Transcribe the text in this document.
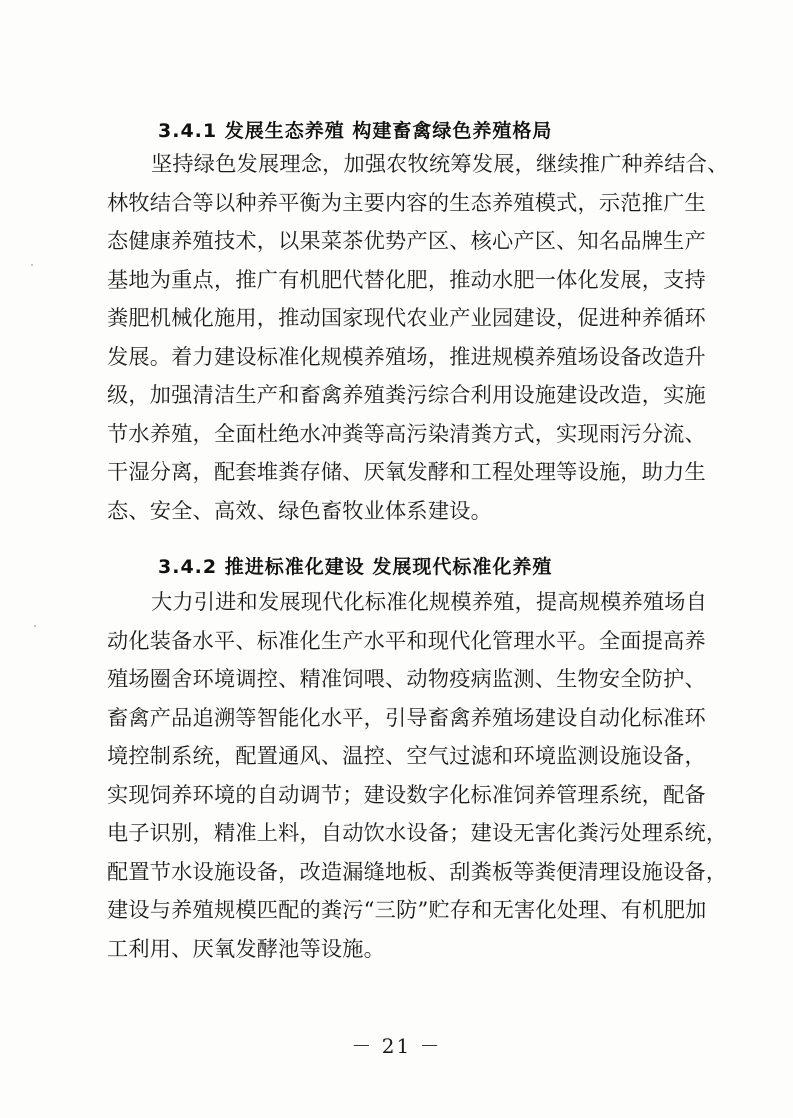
3.4.1 发展生态养殖 构建畜禽绿色养殖格局
坚持绿色发展理念，加强农牧统筹发展，继续推广种养结合、
林牧结合等以种养平衡为主要内容的生态养殖模式，示范推广生
态健康养殖技术，以果菜茶优势产区、核心产区、知名品牌生产
基地为重点，推广有机肥代替化肥，推动水肥一体化发展，支持
粪肥机械化施用，推动国家现代农业产业园建设，促进种养循环
发展。着力建设标准化规模养殖场，推进规模养殖场设备改造升
级，加强清洁生产和畜禽养殖粪污综合利用设施建设改造，实施
节水养殖，全面杜绝水冲粪等高污染清粪方式，实现雨污分流、
干湿分离，配套堆粪存储、厌氧发酵和工程处理等设施，助力生
态、安全、高效、绿色畜牧业体系建设。
3.4.2 推进标准化建设 发展现代标准化养殖
大力引进和发展现代化标准化规模养殖，提高规模养殖场自
动化装备水平、标准化生产水平和现代化管理水平。全面提高养
殖场圈舍环境调控、精准饲喂、动物疫病监测、生物安全防护、
畜禽产品追溯等智能化水平，引导畜禽养殖场建设自动化标准环
境控制系统，配置通风、温控、空气过滤和环境监测设施设备，
实现饲养环境的自动调节；建设数字化标准饲养管理系统，配备
电子识别，精准上料，自动饮水设备；建设无害化粪污处理系统，
配置节水设施设备，改造漏缝地板、刮粪板等粪便清理设施设备，
建设与养殖规模匹配的粪污“三防”贮存和无害化处理、有机肥加
工利用、厌氧发酵池等设施。
－ 21 －
